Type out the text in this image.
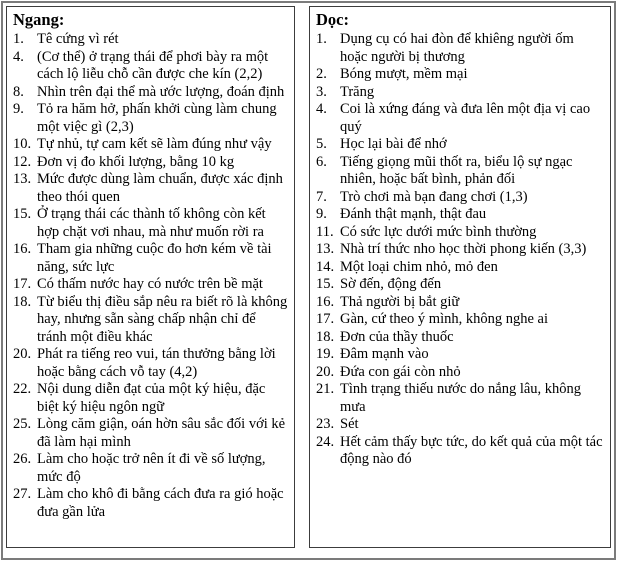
Ngang:
1. Tê cứng vì rét
4. (Cơ thể) ở trạng thái để phơi bày ra một cách lộ liễu chỗ cần được che kín (2,2)
8. Nhìn trên đại thể mà ước lượng, đoán định
9. Tỏ ra hăm hở, phấn khởi cùng làm chung một việc gì (2,3)
10. Tự nhủ, tự cam kết sẽ làm đúng như vậy
12. Đơn vị đo khối lượng, bằng 10 kg
13. Mức được dùng làm chuẩn, được xác định theo thói quen
15. Ở trạng thái các thành tố không còn kết hợp chặt vơi nhau, mà như muốn rời ra
16. Tham gia những cuộc đo hơn kém về tài năng, sức lực
17. Có thấm nước hay có nước trên bề mặt
18. Từ biểu thị điều sắp nêu ra biết rõ là không hay, nhưng sẵn sàng chấp nhận chỉ để tránh một điều khác
20. Phát ra tiếng reo vui, tán thưởng bằng lời hoặc bằng cách vỗ tay (4,2)
22. Nội dung diễn đạt của một ký hiệu, đặc biệt ký hiệu ngôn ngữ
25. Lòng căm giận, oán hờn sâu sắc đối với kẻ đã làm hại mình
26. Làm cho hoặc trở nên ít đi về số lượng, mức độ
27. Làm cho khô đi bằng cách đưa ra gió hoặc đưa gần lửa
Dọc:
1. Dụng cụ có hai đòn để khiêng người ốm hoặc người bị thương
2. Bóng mượt, mềm mại
3. Trăng
4. Coi là xứng đáng và đưa lên một địa vị cao quý
5. Học lại bài để nhớ
6. Tiếng giọng mũi thốt ra, biểu lộ sự ngạc nhiên, hoặc bất bình, phản đối
7. Trò chơi mà bạn đang chơi (1,3)
9. Đánh thật mạnh, thật đau
11. Có sức lực dưới mức bình thường
13. Nhà trí thức nho học thời phong kiến (3,3)
14. Một loại chim nhỏ, mỏ đen
15. Sờ đến, động đến
16. Thả người bị bắt giữ
17. Gàn, cứ theo ý mình, không nghe ai
18. Đơn của thầy thuốc
19. Đâm mạnh vào
20. Đứa con gái còn nhỏ
21. Tình trạng thiếu nước do nắng lâu, không mưa
23. Sét
24. Hết cảm thấy bực tức, do kết quả của một tác động nào đó
